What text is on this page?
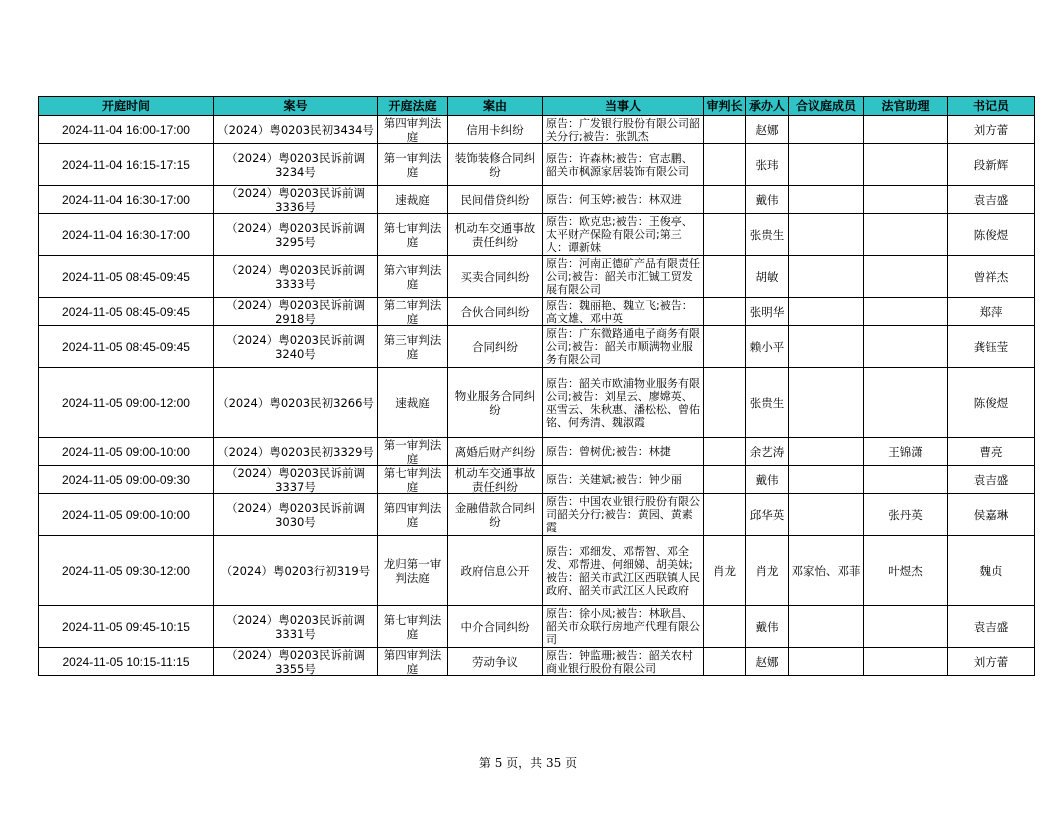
开庭时间	案号	开庭法庭	案由	当事人	审判长	承办人	合议庭成员	法官助理	书记员

2024-11-04 16:00-17:00	（2024）粤0203民初3434号	第四审判法庭	信用卡纠纷	原告：广发银行股份有限公司韶关分行;被告：张凯杰		赵娜			刘方蕾

2024-11-04 16:15-17:15	（2024）粤0203民诉前调3234号	第一审判法庭	装饰装修合同纠纷	原告：许森林;被告：官志鹏、韶关市枫源家居装饰有限公司		张玮			段新辉

2024-11-04 16:30-17:00	（2024）粤0203民诉前调3336号	速裁庭	民间借贷纠纷	原告：何玉婷;被告：林双进		戴伟			袁吉盛

2024-11-04 16:30-17:00	（2024）粤0203民诉前调3295号	第七审判法庭	机动车交通事故责任纠纷	原告：欧克忠;被告：王俊亭、太平财产保险有限公司;第三人：谭新妹		张贵生			陈俊煜

2024-11-05 08:45-09:45	（2024）粤0203民诉前调3333号	第六审判法庭	买卖合同纠纷	原告：河南正德矿产品有限责任公司;被告：韶关市汇铖工贸发展有限公司		胡敏			曾祥杰

2024-11-05 08:45-09:45	（2024）粤0203民诉前调2918号	第二审判法庭	合伙合同纠纷	原告：魏丽艳、魏立飞;被告：高文雄、邓中英		张明华			郑萍

2024-11-05 08:45-09:45	（2024）粤0203民诉前调3240号	第三审判法庭	合同纠纷	原告：广东微路通电子商务有限公司;被告：韶关市顺满物业服务有限公司		赖小平			龚钰莹

2024-11-05 09:00-12:00	（2024）粤0203民初3266号	速裁庭	物业服务合同纠纷	原告：韶关市欧浦物业服务有限公司;被告：刘星云、廖嫦英、巫雪云、朱秋惠、潘松松、曾佑铭、何秀清、魏淑霞		张贵生			陈俊煜

2024-11-05 09:00-10:00	（2024）粤0203民初3329号	第一审判法庭	离婚后财产纠纷	原告：曾树优;被告：林捷		余艺涛		王锦潇	曹亮

2024-11-05 09:00-09:30	（2024）粤0203民诉前调3337号	第七审判法庭	机动车交通事故责任纠纷	原告：关建斌;被告：钟少丽		戴伟			袁吉盛

2024-11-05 09:00-10:00	（2024）粤0203民诉前调3030号	第四审判法庭	金融借款合同纠纷	原告：中国农业银行股份有限公司韶关分行;被告：黄园、黄素霞		邱华英		张丹英	侯嘉琳

2024-11-05 09:30-12:00	（2024）粤0203行初319号	龙归第一审判法庭	政府信息公开	原告：邓细发、邓帮智、邓全发、邓帮进、何细娣、胡美妹;被告：韶关市武江区西联镇人民政府、韶关市武江区人民政府	肖龙	肖龙	邓家怡、邓菲	叶煜杰	魏贞

2024-11-05 09:45-10:15	（2024）粤0203民诉前调3331号	第七审判法庭	中介合同纠纷	原告：徐小凤;被告：林耿昌、韶关市众联行房地产代理有限公司		戴伟			袁吉盛

2024-11-05 10:15-11:15	（2024）粤0203民诉前调3355号	第四审判法庭	劳动争议	原告：钟监珊;被告：韶关农村商业银行股份有限公司		赵娜			刘方蕾
第 5 页，共 35 页
